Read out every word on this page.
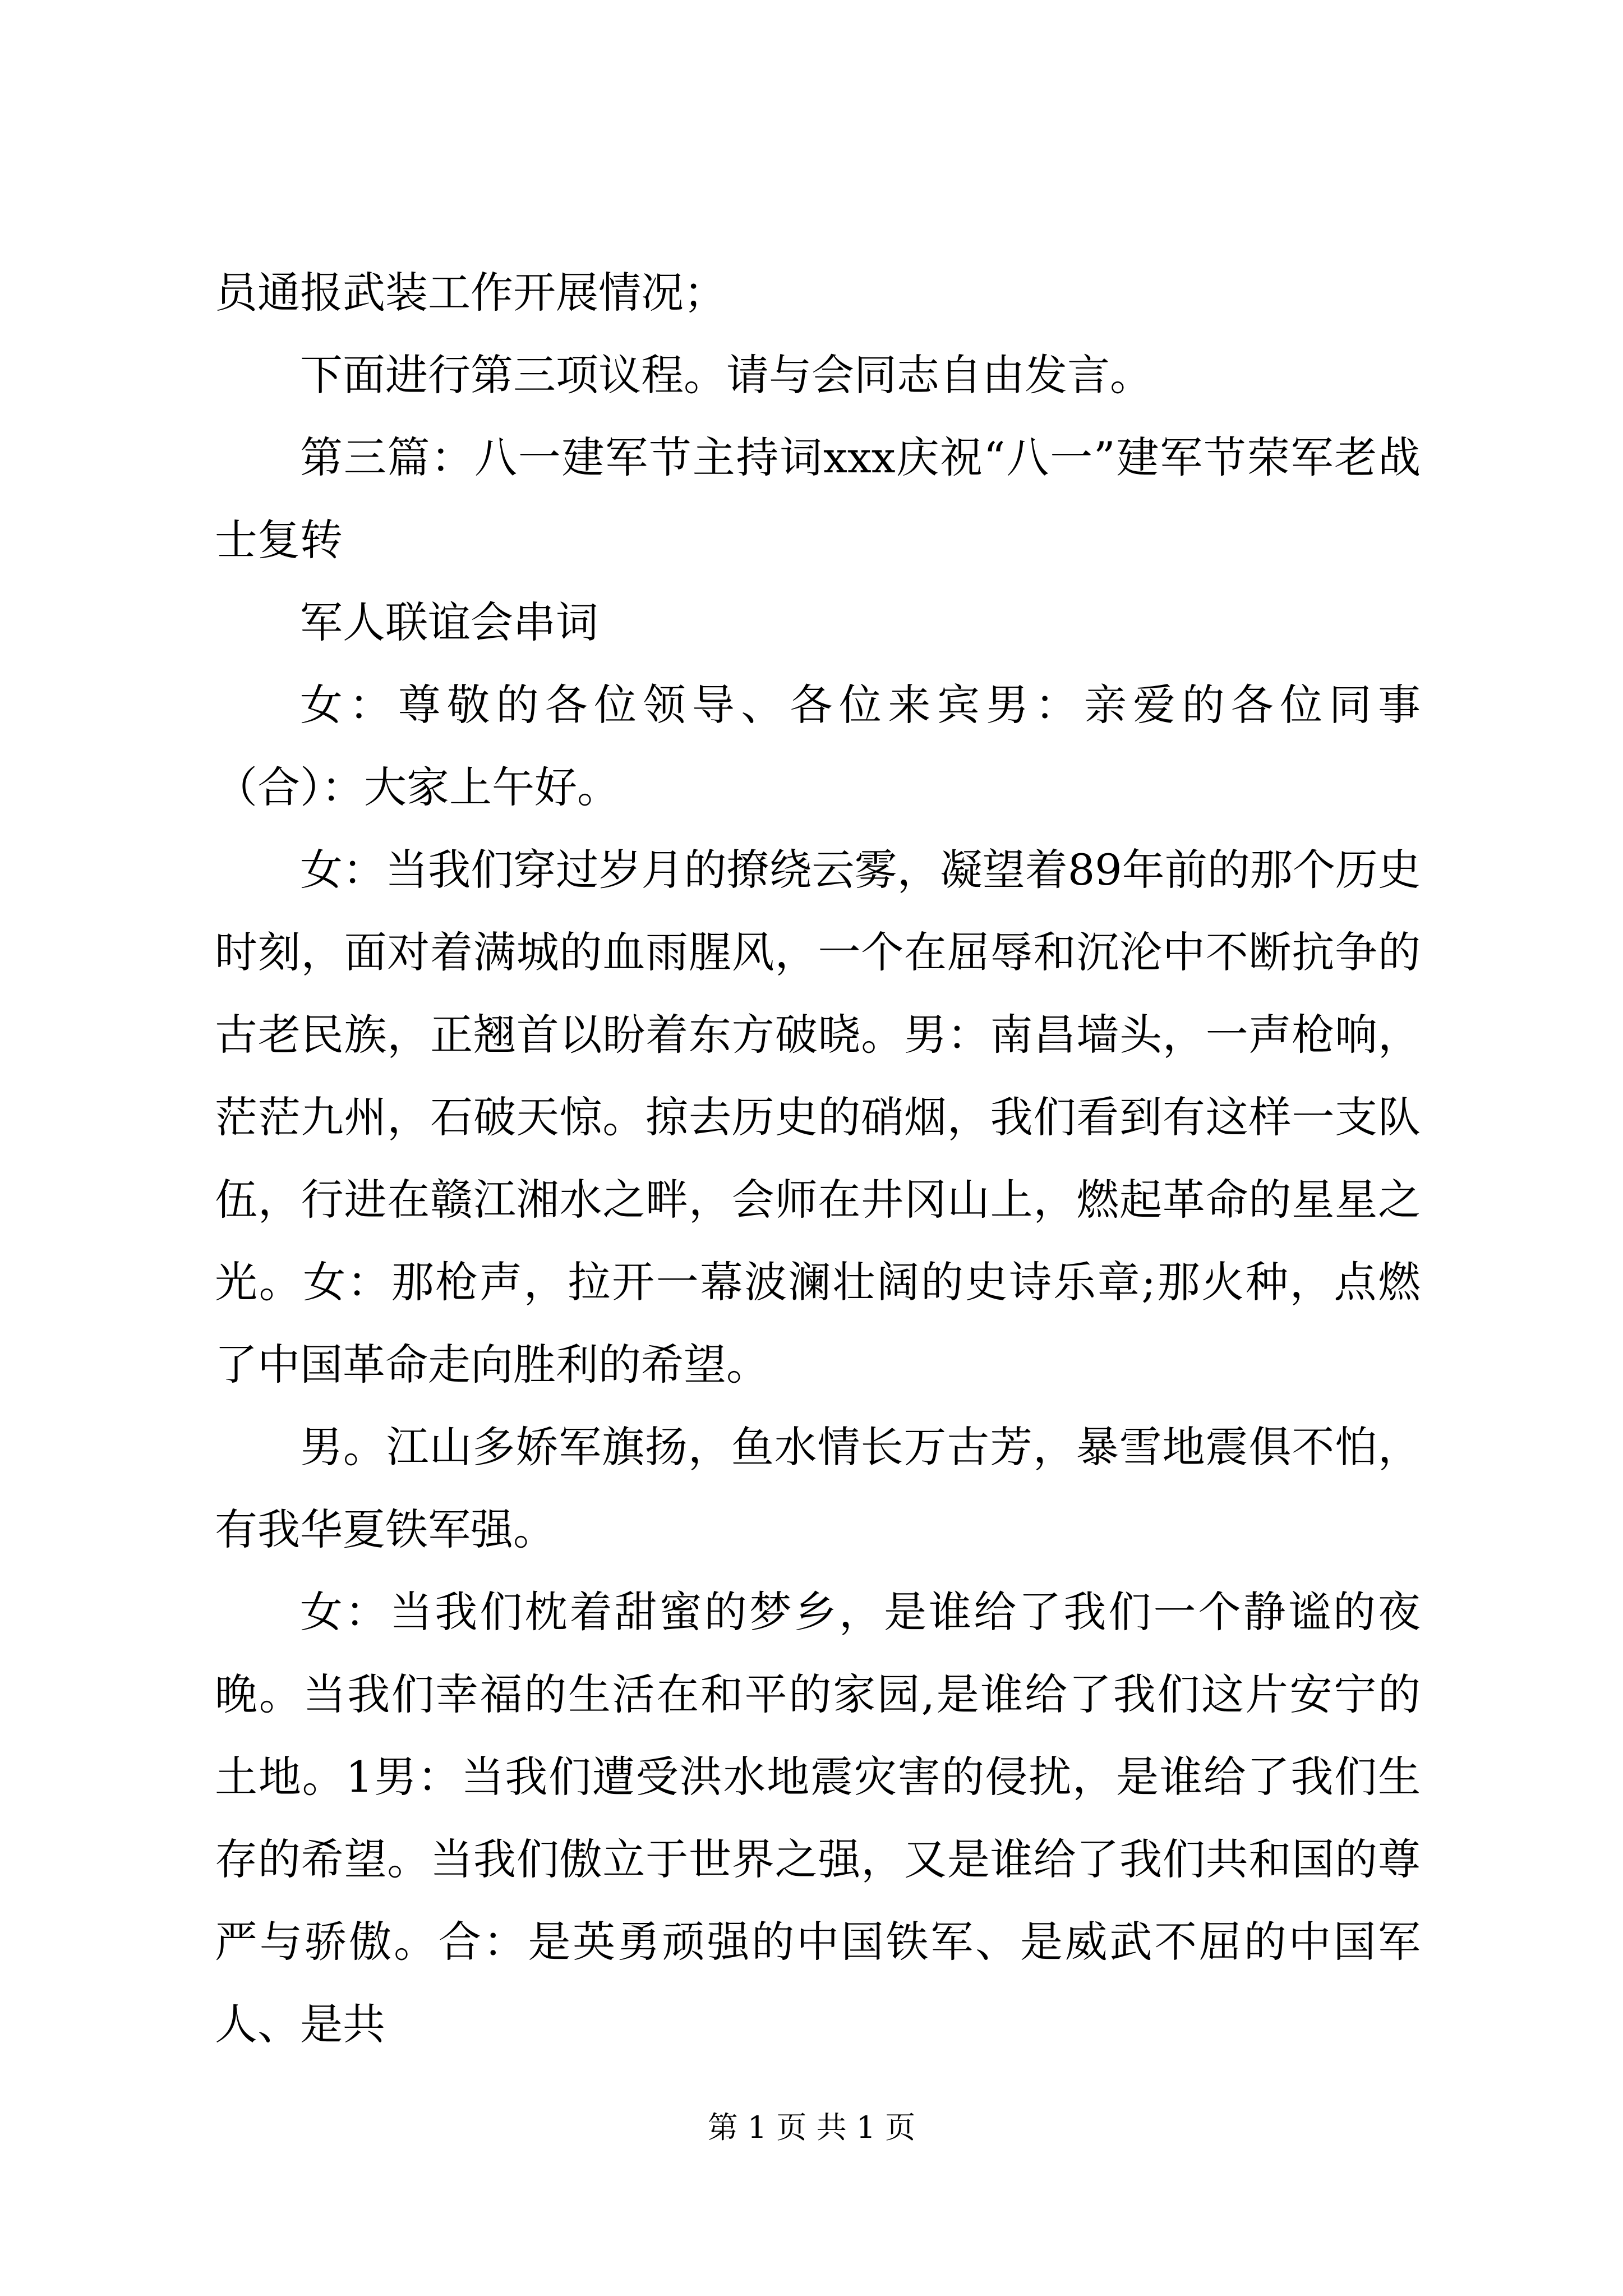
员通报武装工作开展情况；

下面进行第三项议程。请与会同志自由发言。

第三篇：八一建军节主持词xxx庆祝“八一”建军节荣军老战士复转

军人联谊会串词

女：尊敬的各位领导、各位来宾男：亲爱的各位同事（合）：大家上午好。

女：当我们穿过岁月的撩绕云雾，凝望着89年前的那个历史时刻，面对着满城的血雨腥风，一个在屈辱和沉沦中不断抗争的古老民族，正翘首以盼着东方破晓。男：南昌墙头，一声枪响，茫茫九州，石破天惊。掠去历史的硝烟，我们看到有这样一支队伍，行进在赣江湘水之畔，会师在井冈山上，燃起革命的星星之光。女：那枪声，拉开一幕波澜壮阔的史诗乐章;那火种，点燃了中国革命走向胜利的希望。

男。江山多娇军旗扬，鱼水情长万古芳，暴雪地震俱不怕，有我华夏铁军强。

女：当我们枕着甜蜜的梦乡，是谁给了我们一个静谧的夜晚。当我们幸福的生活在和平的家园,是谁给了我们这片安宁的土地。1男：当我们遭受洪水地震灾害的侵扰，是谁给了我们生存的希望。当我们傲立于世界之强，又是谁给了我们共和国的尊严与骄傲。合：是英勇顽强的中国铁军、是威武不屈的中国军人、是共

第 1 页 共 1 页
